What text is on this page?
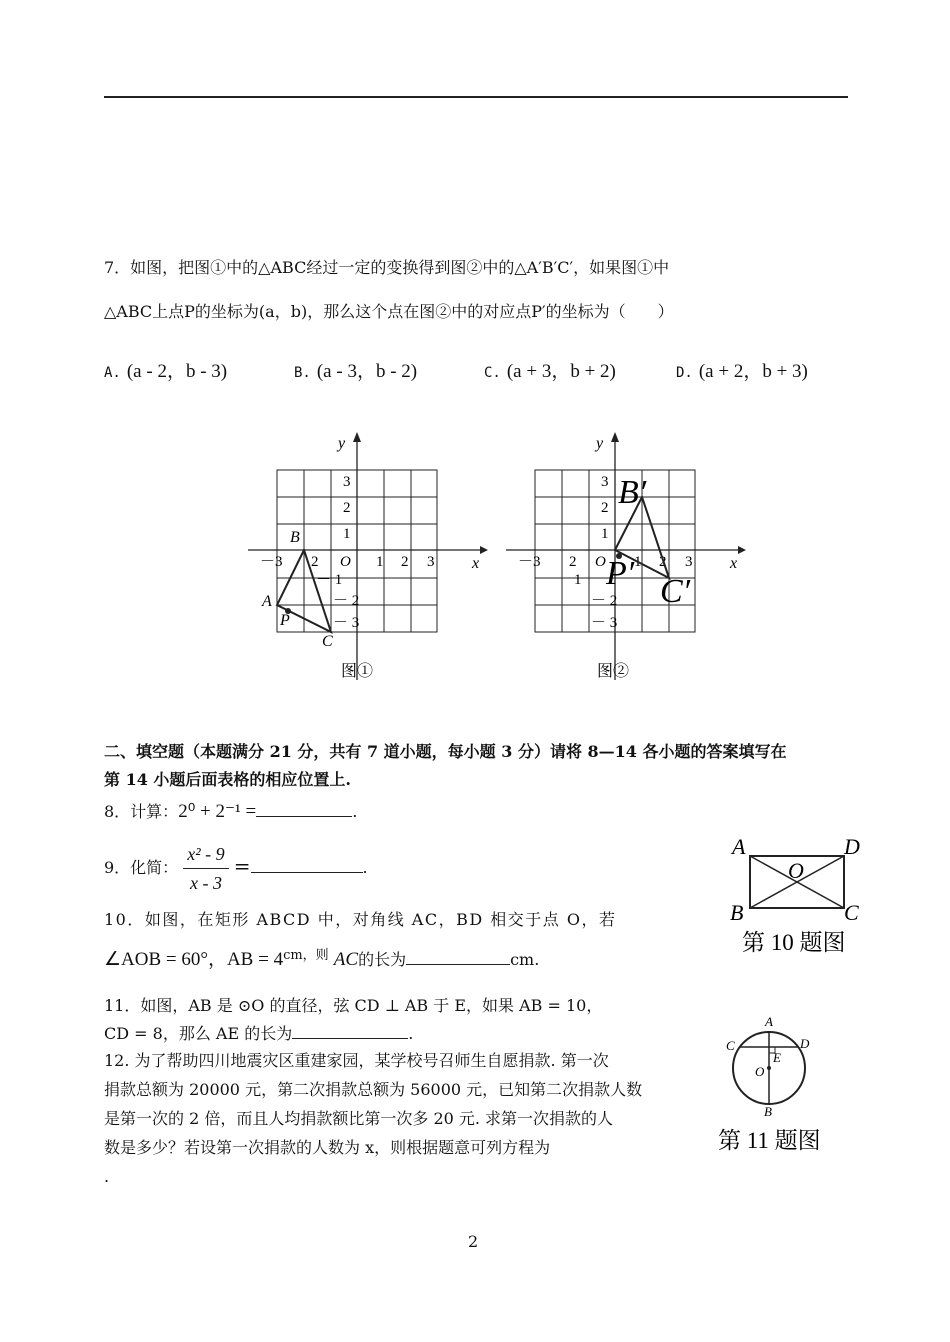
7．如图，把图①中的△ABC经过一定的变换得到图②中的△A′B′C′，如果图①中
△ABC上点P的坐标为(a，b)，那么这个点在图②中的对应点P′的坐标为（　　）
A. (a - 2，b - 3)	B. (a - 3，b - 2)	C. (a + 3，b + 2)	D. (a + 2，b + 3)
y
x
O
－3 2	1 2 3
3
2
1
－ 1
－ 2
－ 3
B
A
P
C
图①
y
x
O
－3 2	1 2 3
3
2
1
1
－ 2
－ 3
B′
P′ C′
图②
二、填空题（本题满分 21 分，共有 7 道小题，每小题 3 分）请将 8—14 各小题的答案填写在
第 14 小题后面表格的相应位置上.
8．计算：2⁰ + 2⁻¹ =	.
9．化简： $\frac{\text{x² - 9}}{x - 3}$ =	.
10．如图，在矩形 ABCD 中，对角线 AC，BD 相交于点 O，若
∠AOB = 60°，AB = $4^{cm,则}$ AC的长为	cm.
A	D
O
B	C
第 10 题图
11．如图，AB 是 ⊙O 的直径，弦 CD ⊥ AB 于 E，如果 AB = 10，
CD = 8，那么 AE 的长为	.
A
C	D
E
O
B
第 11 题图
12. 为了帮助四川地震灾区重建家园，某学校号召师生自愿捐款. 第一次
捐款总额为 20000 元，第二次捐款总额为 56000 元，已知第二次捐款人数
是第一次的 2 倍，而且人均捐款额比第一次多 20 元. 求第一次捐款的人
数是多少？若设第一次捐款的人数为 x，则根据题意可列方程为
.
2
